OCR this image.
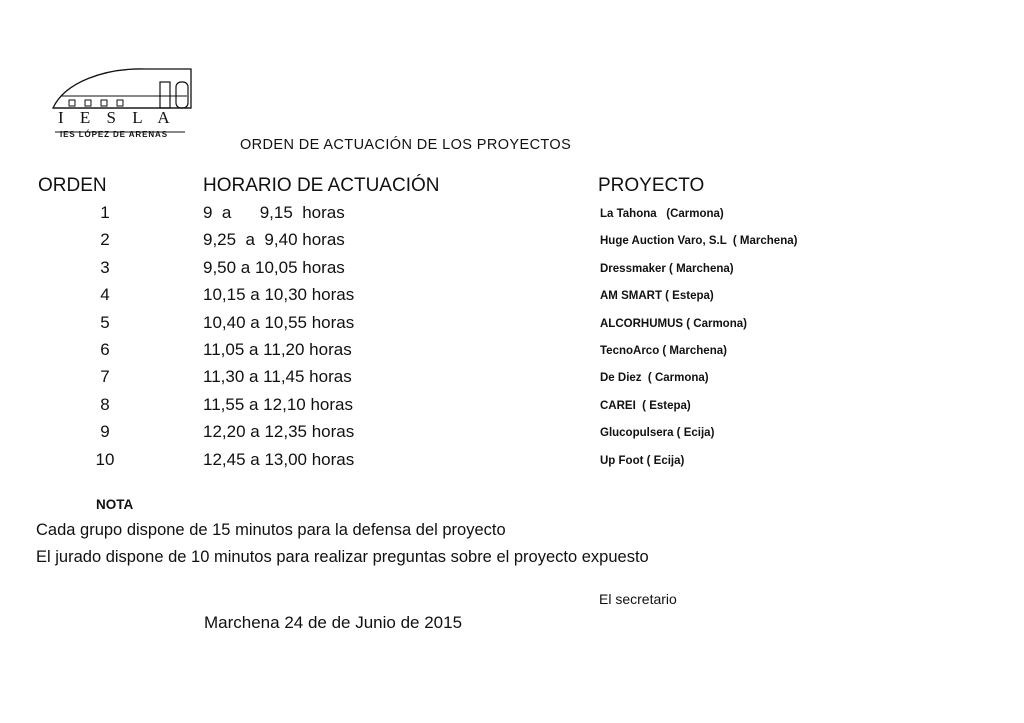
I E S L A
IES LÓPEZ DE ARENAS
ORDEN DE ACTUACIÓN DE LOS PROYECTOS
ORDEN	HORARIO DE ACTUACIÓN	PROYECTO
1	9  a      9,15  horas	La Tahona   (Carmona)
2	9,25  a  9,40 horas	Huge Auction Varo, S.L  ( Marchena)
3	9,50 a 10,05 horas	Dressmaker ( Marchena)
4	10,15 a 10,30 horas	AM SMART ( Estepa)
5	10,40 a 10,55 horas	ALCORHUMUS ( Carmona)
6	11,05 a 11,20 horas	TecnoArco ( Marchena)
7	11,30 a 11,45 horas	De Diez  ( Carmona)
8	11,55 a 12,10 horas	CAREI  ( Estepa)
9	12,20 a 12,35 horas	Glucopulsera ( Ecija)
10	12,45 a 13,00 horas	Up Foot ( Ecija)
NOTA
Cada grupo dispone de 15 minutos para la defensa del proyecto
El jurado dispone de 10 minutos para realizar preguntas sobre el proyecto expuesto
El secretario
Marchena 24 de de Junio de 2015
